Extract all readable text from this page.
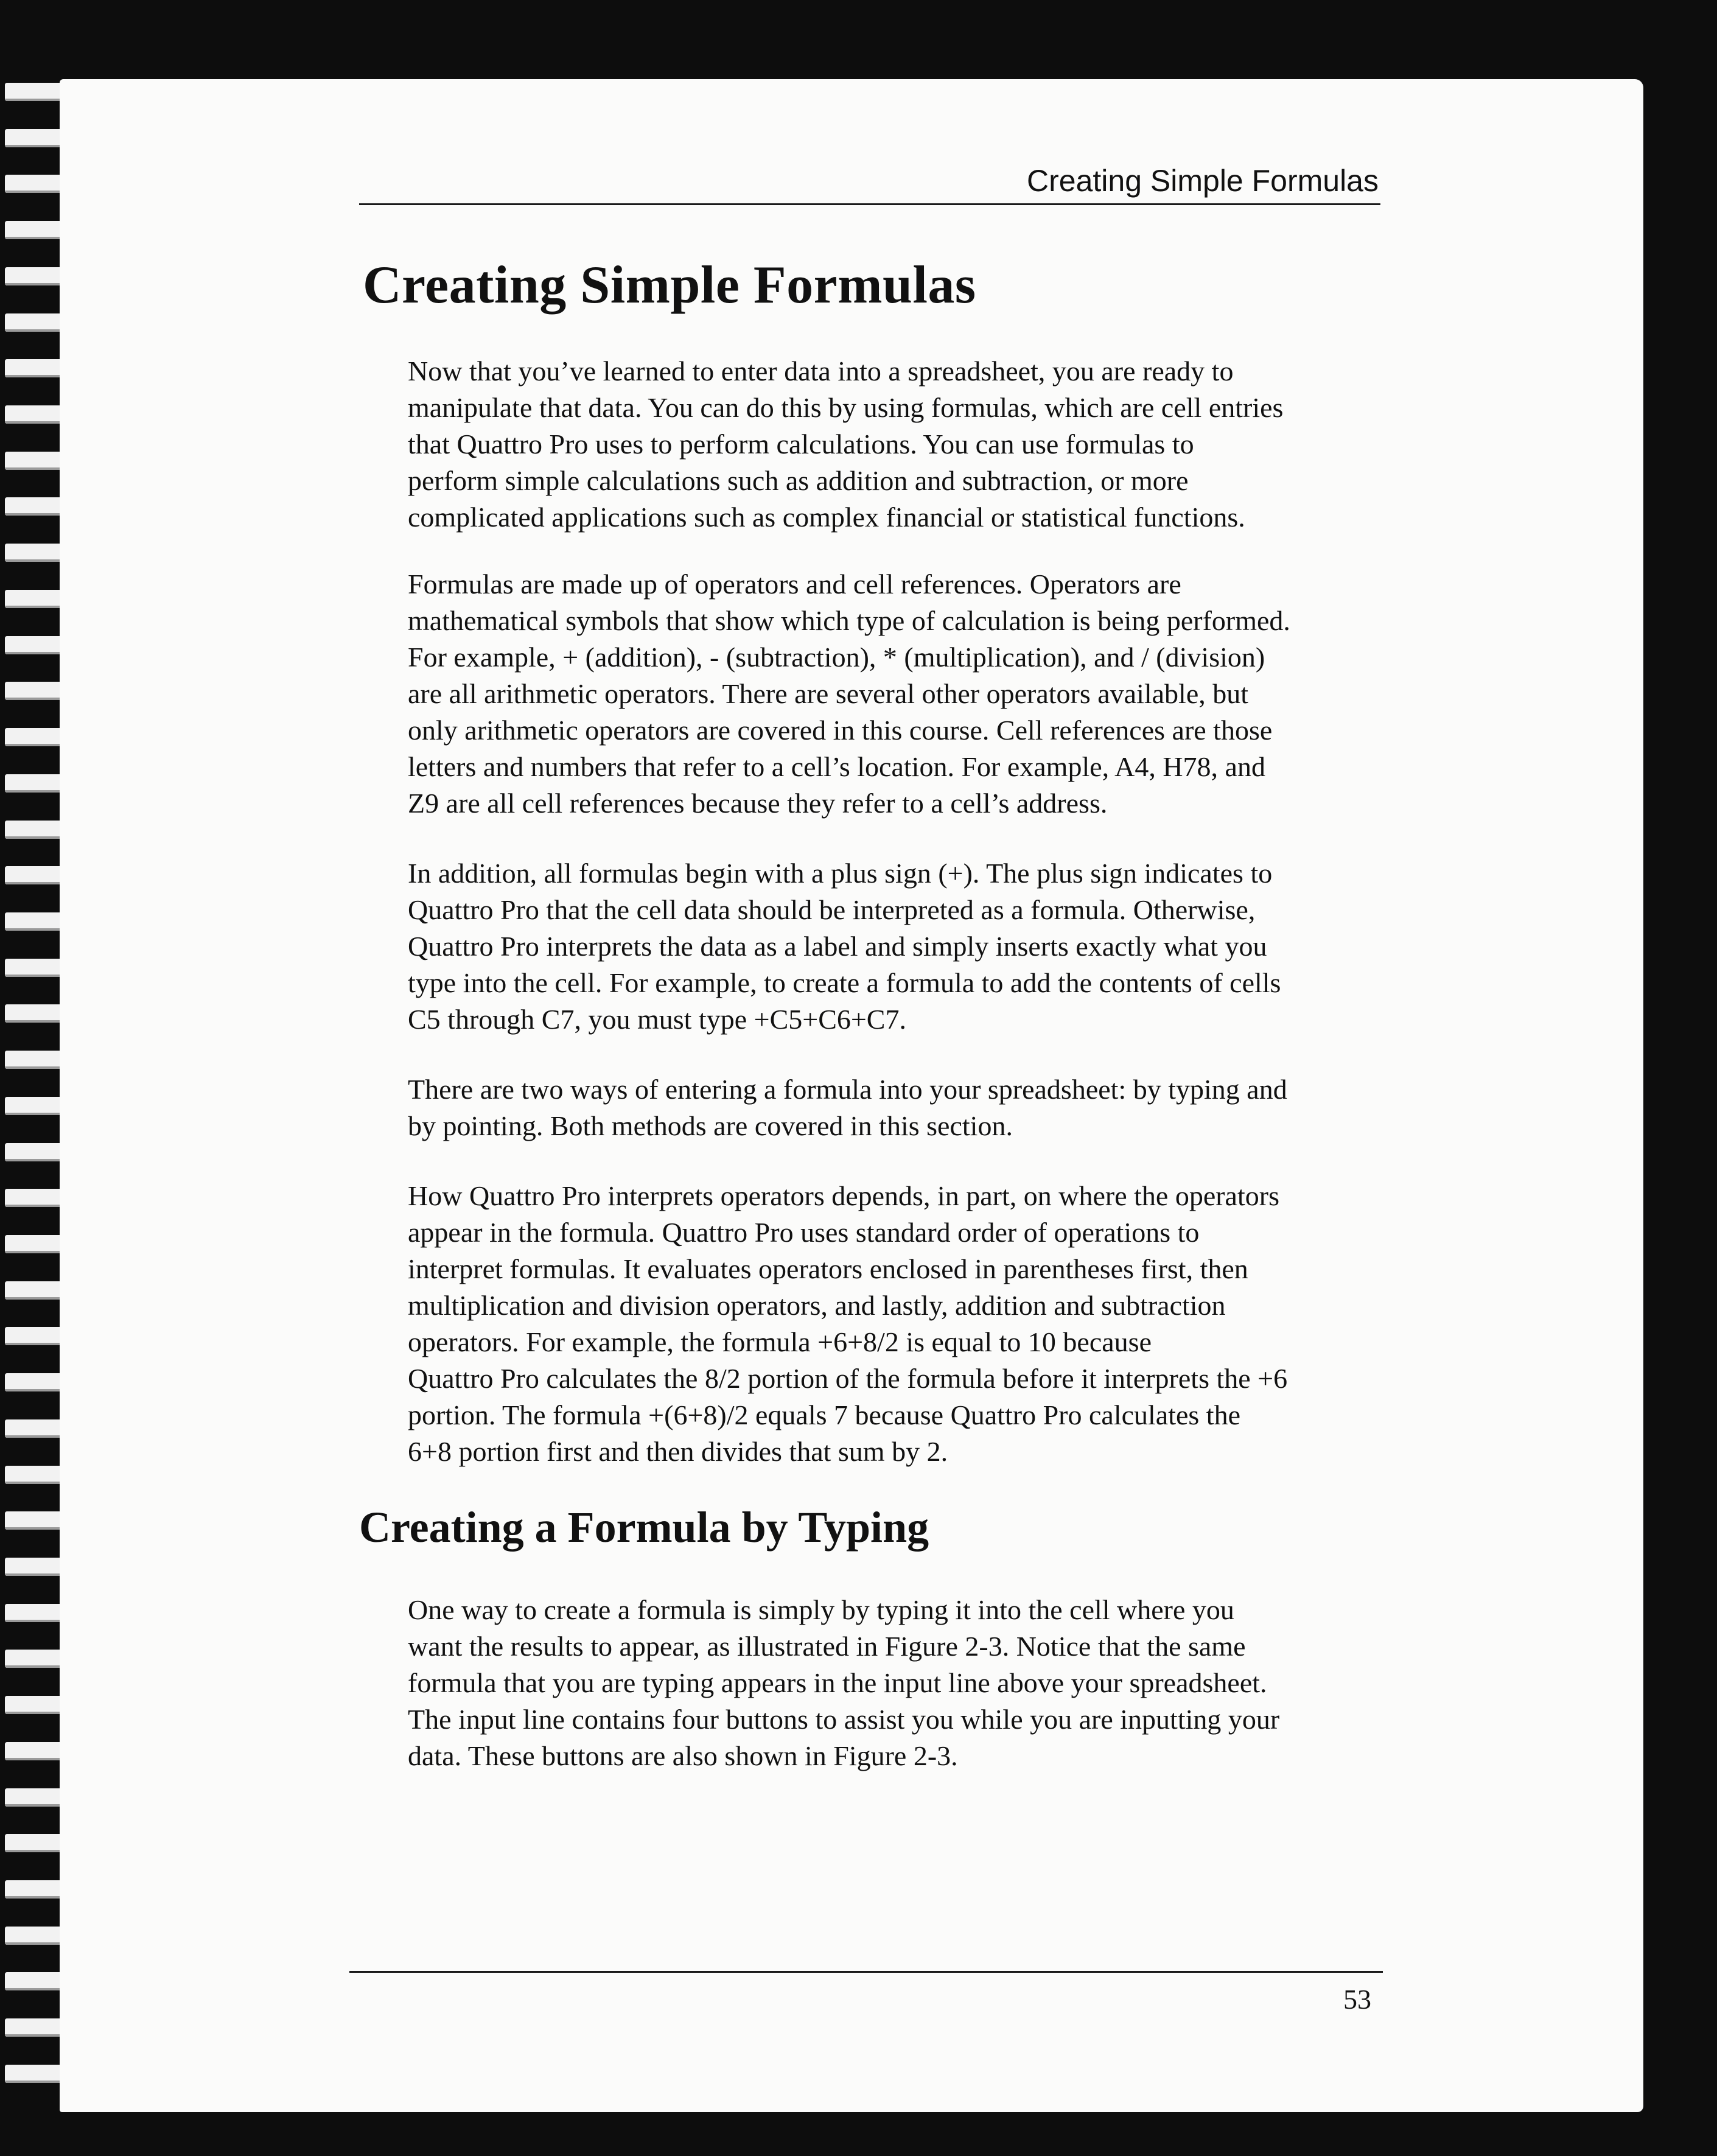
Creating Simple Formulas
Creating Simple Formulas
Now that you’ve learned to enter data into a spreadsheet, you are ready to
manipulate that data. You can do this by using formulas, which are cell entries
that Quattro Pro uses to perform calculations. You can use formulas to
perform simple calculations such as addition and subtraction, or more
complicated applications such as complex financial or statistical functions.
Formulas are made up of operators and cell references. Operators are
mathematical symbols that show which type of calculation is being performed.
For example, + (addition), - (subtraction), * (multiplication), and / (division)
are all arithmetic operators. There are several other operators available, but
only arithmetic operators are covered in this course. Cell references are those
letters and numbers that refer to a cell’s location. For example, A4, H78, and
Z9 are all cell references because they refer to a cell’s address.
In addition, all formulas begin with a plus sign (+). The plus sign indicates to
Quattro Pro that the cell data should be interpreted as a formula. Otherwise,
Quattro Pro interprets the data as a label and simply inserts exactly what you
type into the cell. For example, to create a formula to add the contents of cells
C5 through C7, you must type +C5+C6+C7.
There are two ways of entering a formula into your spreadsheet: by typing and
by pointing. Both methods are covered in this section.
How Quattro Pro interprets operators depends, in part, on where the operators
appear in the formula. Quattro Pro uses standard order of operations to
interpret formulas. It evaluates operators enclosed in parentheses first, then
multiplication and division operators, and lastly, addition and subtraction
operators. For example, the formula +6+8/2 is equal to 10 because
Quattro Pro calculates the 8/2 portion of the formula before it interprets the +6
portion. The formula +(6+8)/2 equals 7 because Quattro Pro calculates the
6+8 portion first and then divides that sum by 2.
Creating a Formula by Typing
One way to create a formula is simply by typing it into the cell where you
want the results to appear, as illustrated in Figure 2-3. Notice that the same
formula that you are typing appears in the input line above your spreadsheet.
The input line contains four buttons to assist you while you are inputting your
data. These buttons are also shown in Figure 2-3.
53
